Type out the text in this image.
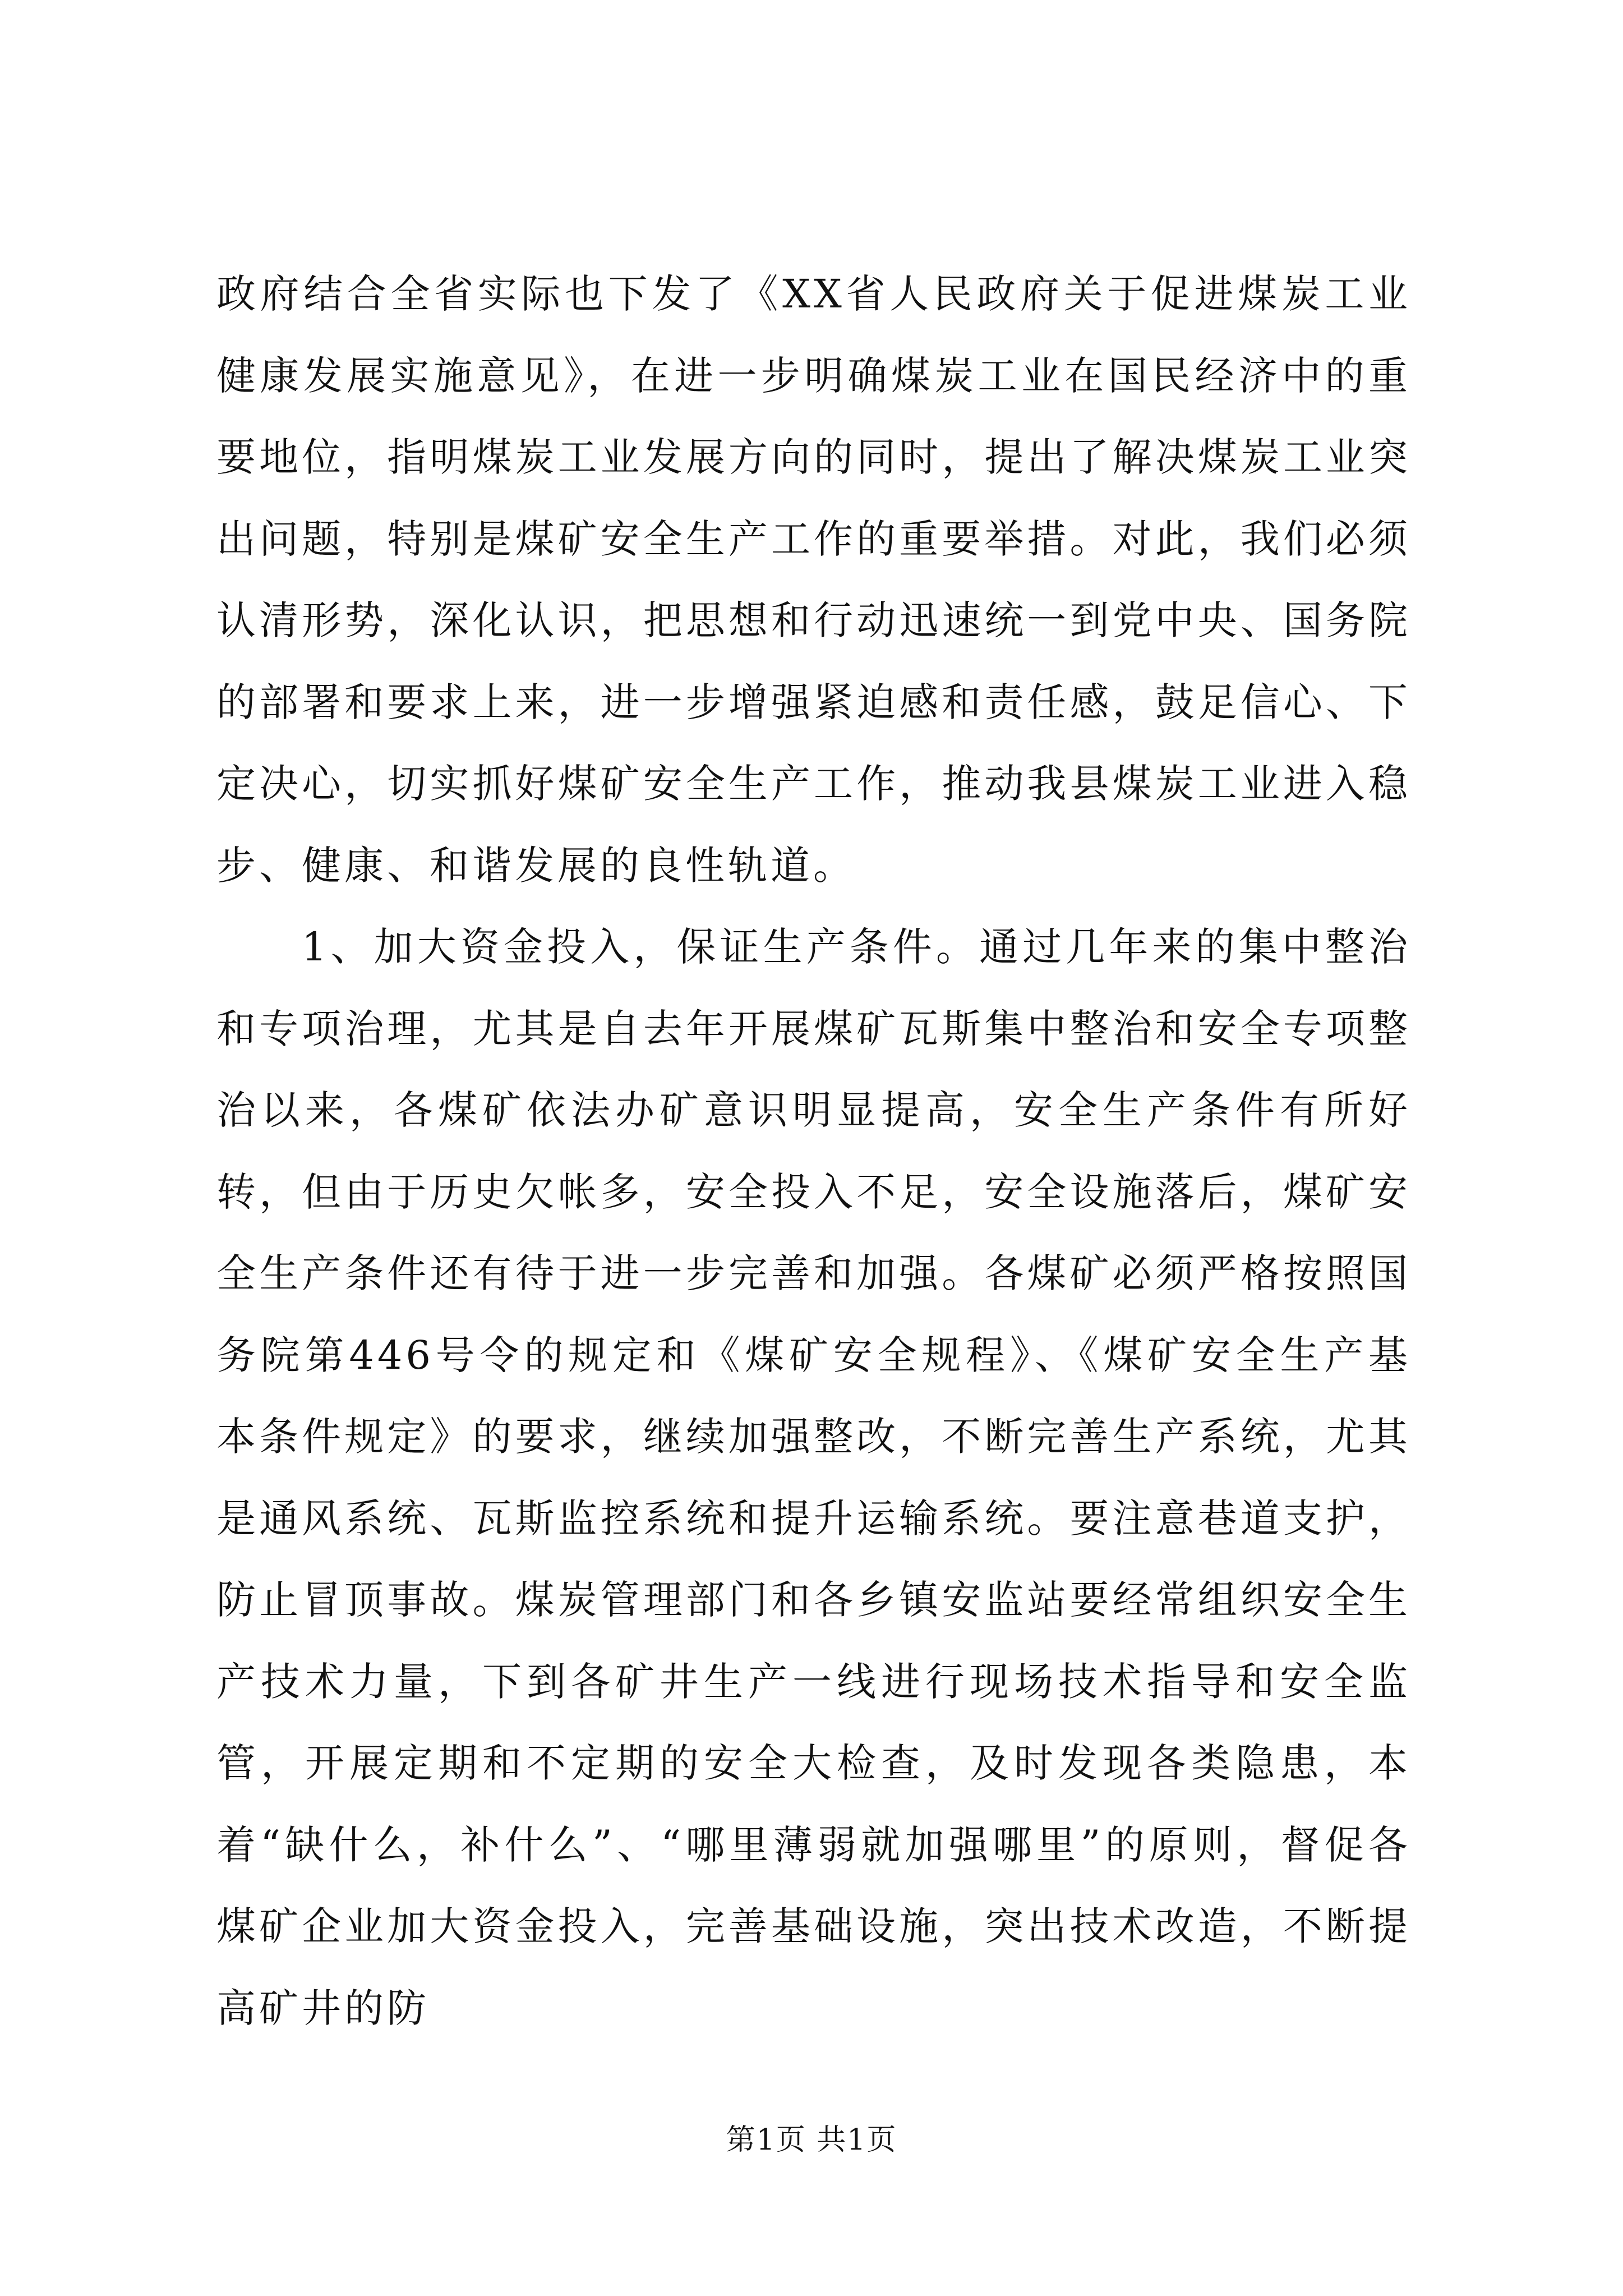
政府结合全省实际也下发了《XX省人民政府关于促进煤炭工业健康发展实施意见》，在进一步明确煤炭工业在国民经济中的重要地位，指明煤炭工业发展方向的同时，提出了解决煤炭工业突出问题，特别是煤矿安全生产工作的重要举措。对此，我们必须认清形势，深化认识，把思想和行动迅速统一到党中央、国务院的部署和要求上来，进一步增强紧迫感和责任感，鼓足信心、下定决心，切实抓好煤矿安全生产工作，推动我县煤炭工业进入稳步、健康、和谐发展的良性轨道。

1、加大资金投入，保证生产条件。通过几年来的集中整治和专项治理，尤其是自去年开展煤矿瓦斯集中整治和安全专项整治以来，各煤矿依法办矿意识明显提高，安全生产条件有所好转，但由于历史欠帐多，安全投入不足，安全设施落后，煤矿安全生产条件还有待于进一步完善和加强。各煤矿必须严格按照国务院第446号令的规定和《煤矿安全规程》、《煤矿安全生产基本条件规定》的要求，继续加强整改，不断完善生产系统，尤其是通风系统、瓦斯监控系统和提升运输系统。要注意巷道支护，防止冒顶事故。煤炭管理部门和各乡镇安监站要经常组织安全生产技术力量，下到各矿井生产一线进行现场技术指导和安全监管，开展定期和不定期的安全大检查，及时发现各类隐患，本着“缺什么，补什么”、“哪里薄弱就加强哪里”的原则，督促各煤矿企业加大资金投入，完善基础设施，突出技术改造，不断提高矿井的防

第1页 共1页
